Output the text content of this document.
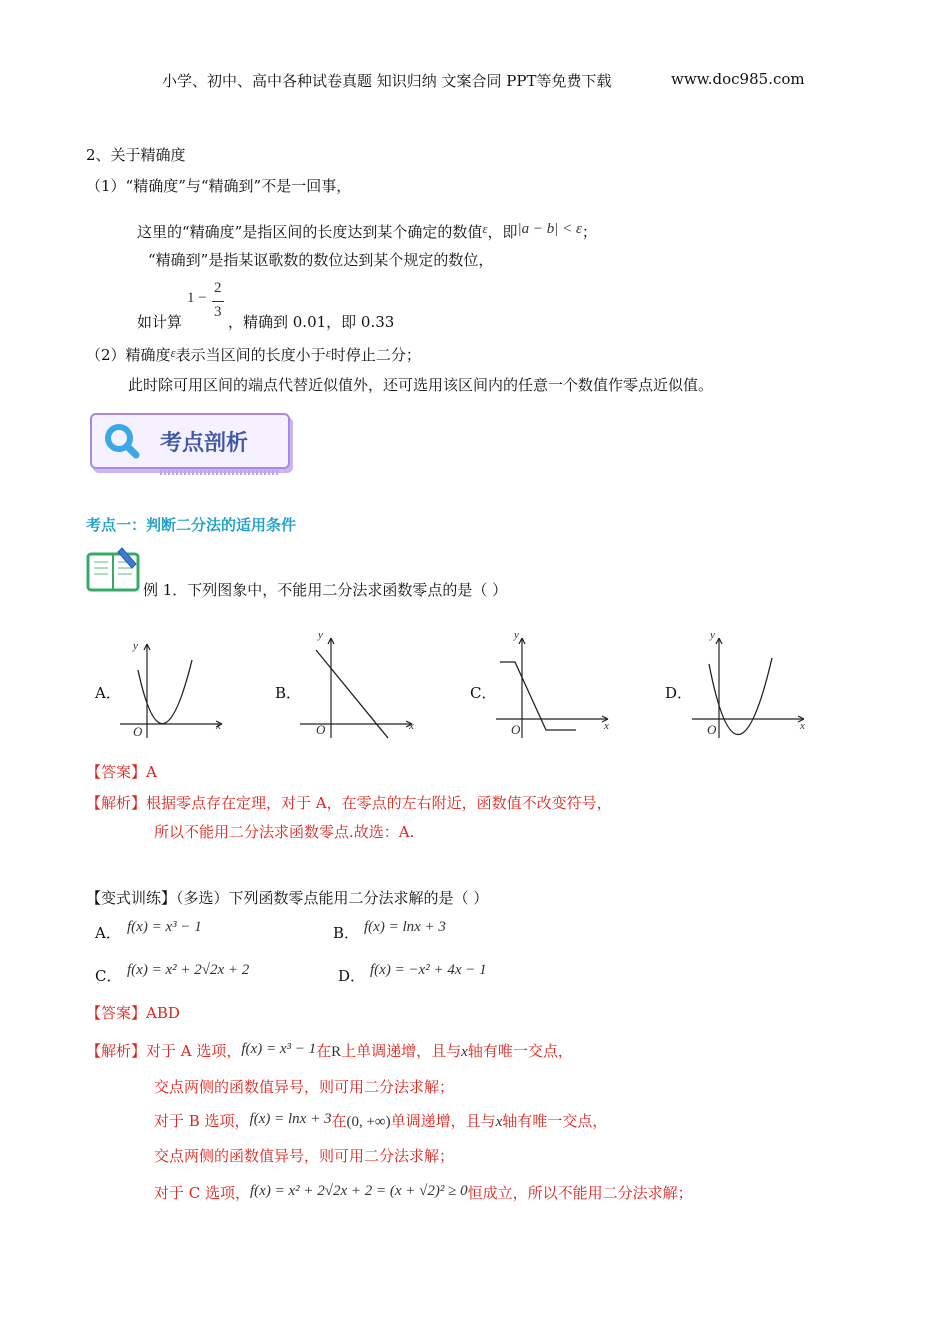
小学、初中、高中各种试卷真题 知识归纳 文案合同 PPT等免费下载	www.doc985.com
2、关于精确度
（1）“精确度”与“精确到”不是一回事，
这里的“精确度”是指区间的长度达到某个确定的数值ε，即|a − b| < ε；
“精确到”是指某讴歌数的数位达到某个规定的数位，
1 −
2
3
如计算	，精确到 0.01，即 0.33
（2）精确度ε表示当区间的长度小于ε时停止二分；
此时除可用区间的端点代替近似值外，还可选用该区间内的任意一个数值作零点近似值。
考点剖析
考点一：判断二分法的适用条件
例 1．下列图象中，不能用二分法求函数零点的是（ ）
A．	B．	C．	D．
y
x
O
y
x
O
y
x
O
y
x
O
【答案】A
【解析】根据零点存在定理，对于 A，在零点的左右附近，函数值不改变符号，
所以不能用二分法求函数零点.故选：A.
【变式训练】（多选）下列函数零点能用二分法求解的是（ ）
A． f(x) = x³ − 1	B． f(x) = lnx + 3
C． f(x) = x² + 2√2x + 2	D． f(x) = −x² + 4x − 1
【答案】ABD
【解析】对于 A 选项，f(x) = x³ − 1在R上单调递增，且与x轴有唯一交点，
交点两侧的函数值异号，则可用二分法求解；
对于 B 选项，f(x) = lnx + 3在(0, +∞)单调递增，且与x轴有唯一交点，
交点两侧的函数值异号，则可用二分法求解；
对于 C 选项，f(x) = x² + 2√2x + 2 = (x + √2)² ≥ 0恒成立，所以不能用二分法求解；
